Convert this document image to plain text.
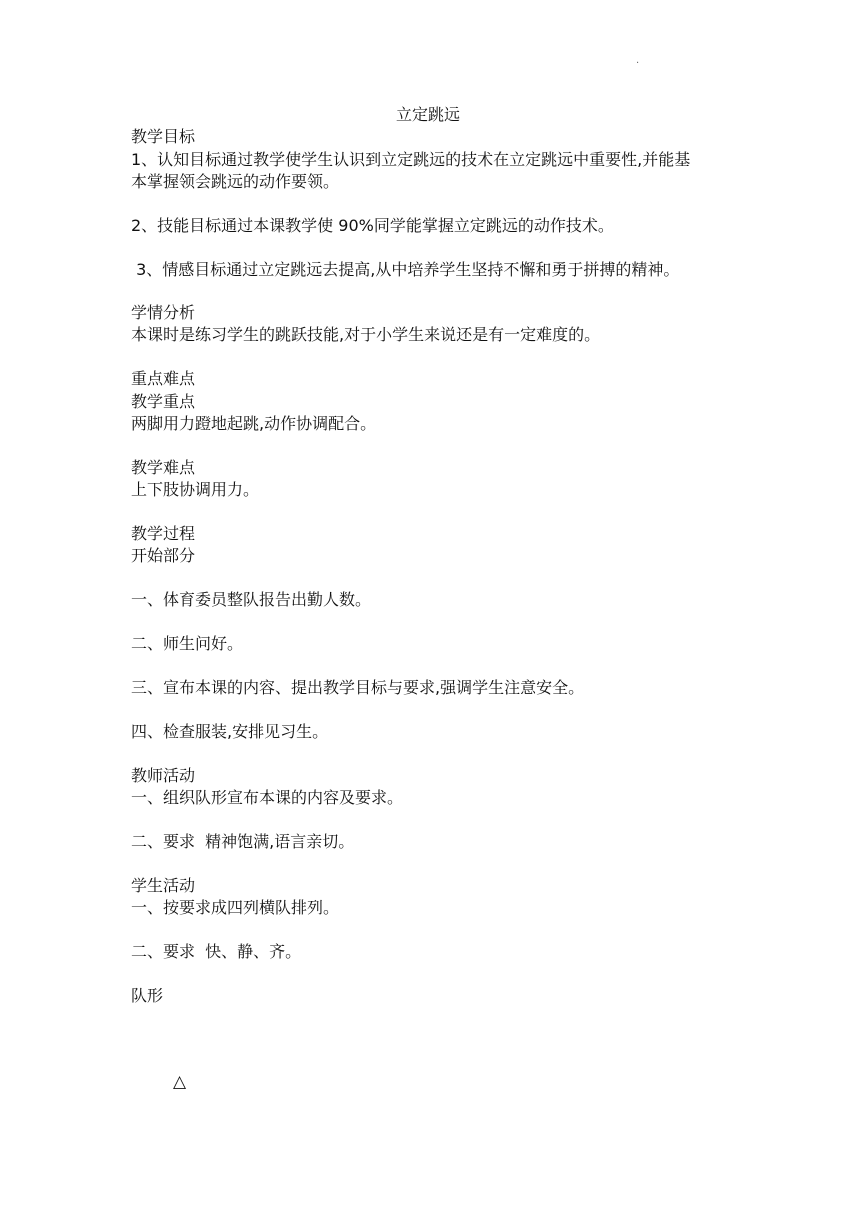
.
立定跳远
教学目标
1、认知目标通过教学使学生认识到立定跳远的技术在立定跳远中重要性,并能基
本掌握领会跳远的动作要领。
2、技能目标通过本课教学使 90%同学能掌握立定跳远的动作技术。
3、情感目标通过立定跳远去提高,从中培养学生坚持不懈和勇于拼搏的精神。
学情分析
本课时是练习学生的跳跃技能,对于小学生来说还是有一定难度的。
重点难点
教学重点
两脚用力蹬地起跳,动作协调配合。
教学难点
上下肢协调用力。
教学过程
开始部分
一、体育委员整队报告出勤人数。
二、师生问好。
三、宣布本课的内容、提出教学目标与要求,强调学生注意安全。
四、检查服装,安排见习生。
教师活动
一、组织队形宣布本课的内容及要求。
二、要求  精神饱满,语言亲切。
学生活动
一、按要求成四列横队排列。
二、要求  快、静、齐。
队形
△
